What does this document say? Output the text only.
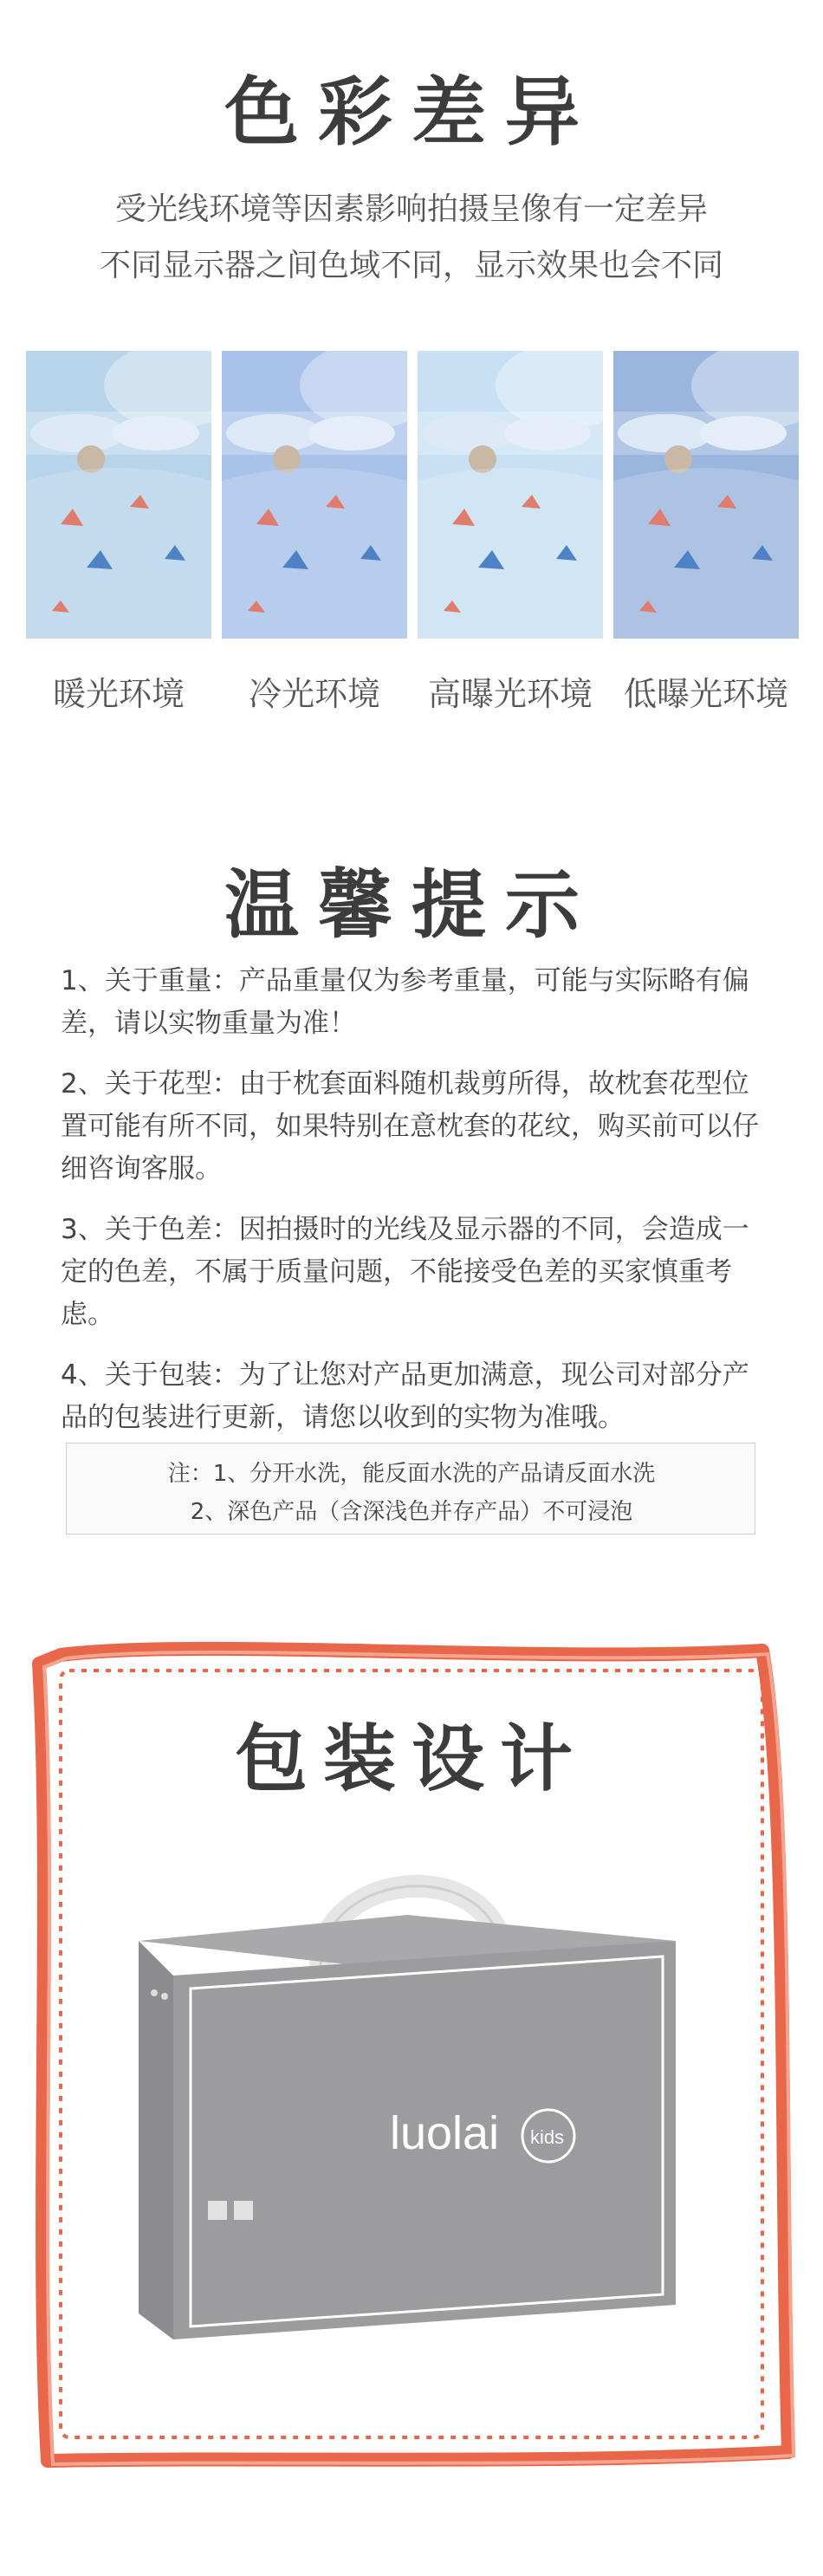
色彩差异
受光线环境等因素影响拍摄呈像有一定差异
不同显示器之间色域不同，显示效果也会不同
暖光环境	冷光环境	高曝光环境 低曝光环境
温馨提示

1、关于重量：产品重量仅为参考重量，可能与实际略有偏差，请以实物重量为准！

2、关于花型：由于枕套面料随机裁剪所得，故枕套花型位置可能有所不同，如果特别在意枕套的花纹，购买前可以仔细咨询客服。

3、关于色差：因拍摄时的光线及显示器的不同，会造成一定的色差，不属于质量问题，不能接受色差的买家慎重考虑。

4、关于包装：为了让您对产品更加满意，现公司对部分产品的包装进行更新，请您以收到的实物为准哦。

注：1、分开水洗，能反面水洗的产品请反面水洗
2、深色产品（含深浅色并存产品）不可浸泡
包装设计
luolai kids
